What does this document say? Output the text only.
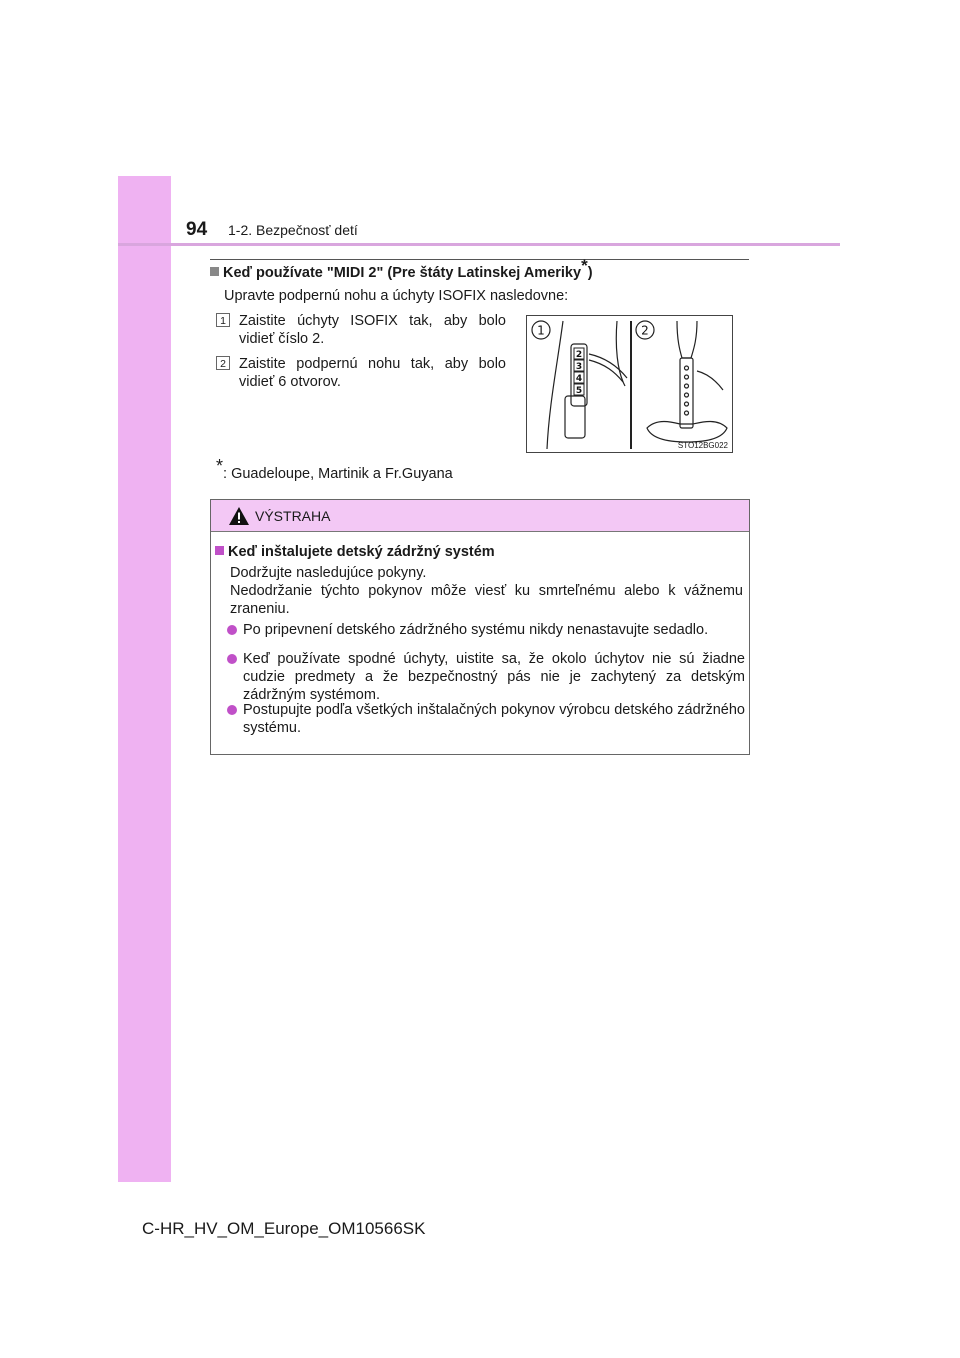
94 1-2. Bezpečnosť detí
Keď používate "MIDI 2" (Pre štáty Latinskej Ameriky*)
Upravte podpernú nohu a úchyty ISOFIX nasledovne:
1 Zaistite úchyty ISOFIX tak, aby bolo vidieť číslo 2.
2 Zaistite podpernú nohu tak, aby bolo vidieť 6 otvorov.
1	2
2
3
4
5
STO12BG022
*: Guadeloupe, Martinik a Fr.Guyana
VÝSTRAHA
Keď inštalujete detský zádržný systém
Dodržujte nasledujúce pokyny.
Nedodržanie týchto pokynov môže viesť ku smrteľnému alebo k vážnemu zraneniu.
Po pripevnení detského zádržného systému nikdy nenastavujte sedadlo.
Keď používate spodné úchyty, uistite sa, že okolo úchytov nie sú žiadne cudzie predmety a že bezpečnostný pás nie je zachytený za detským zádržným systémom.
Postupujte podľa všetkých inštalačných pokynov výrobcu detského zádržného systému.
C-HR_HV_OM_Europe_OM10566SK
